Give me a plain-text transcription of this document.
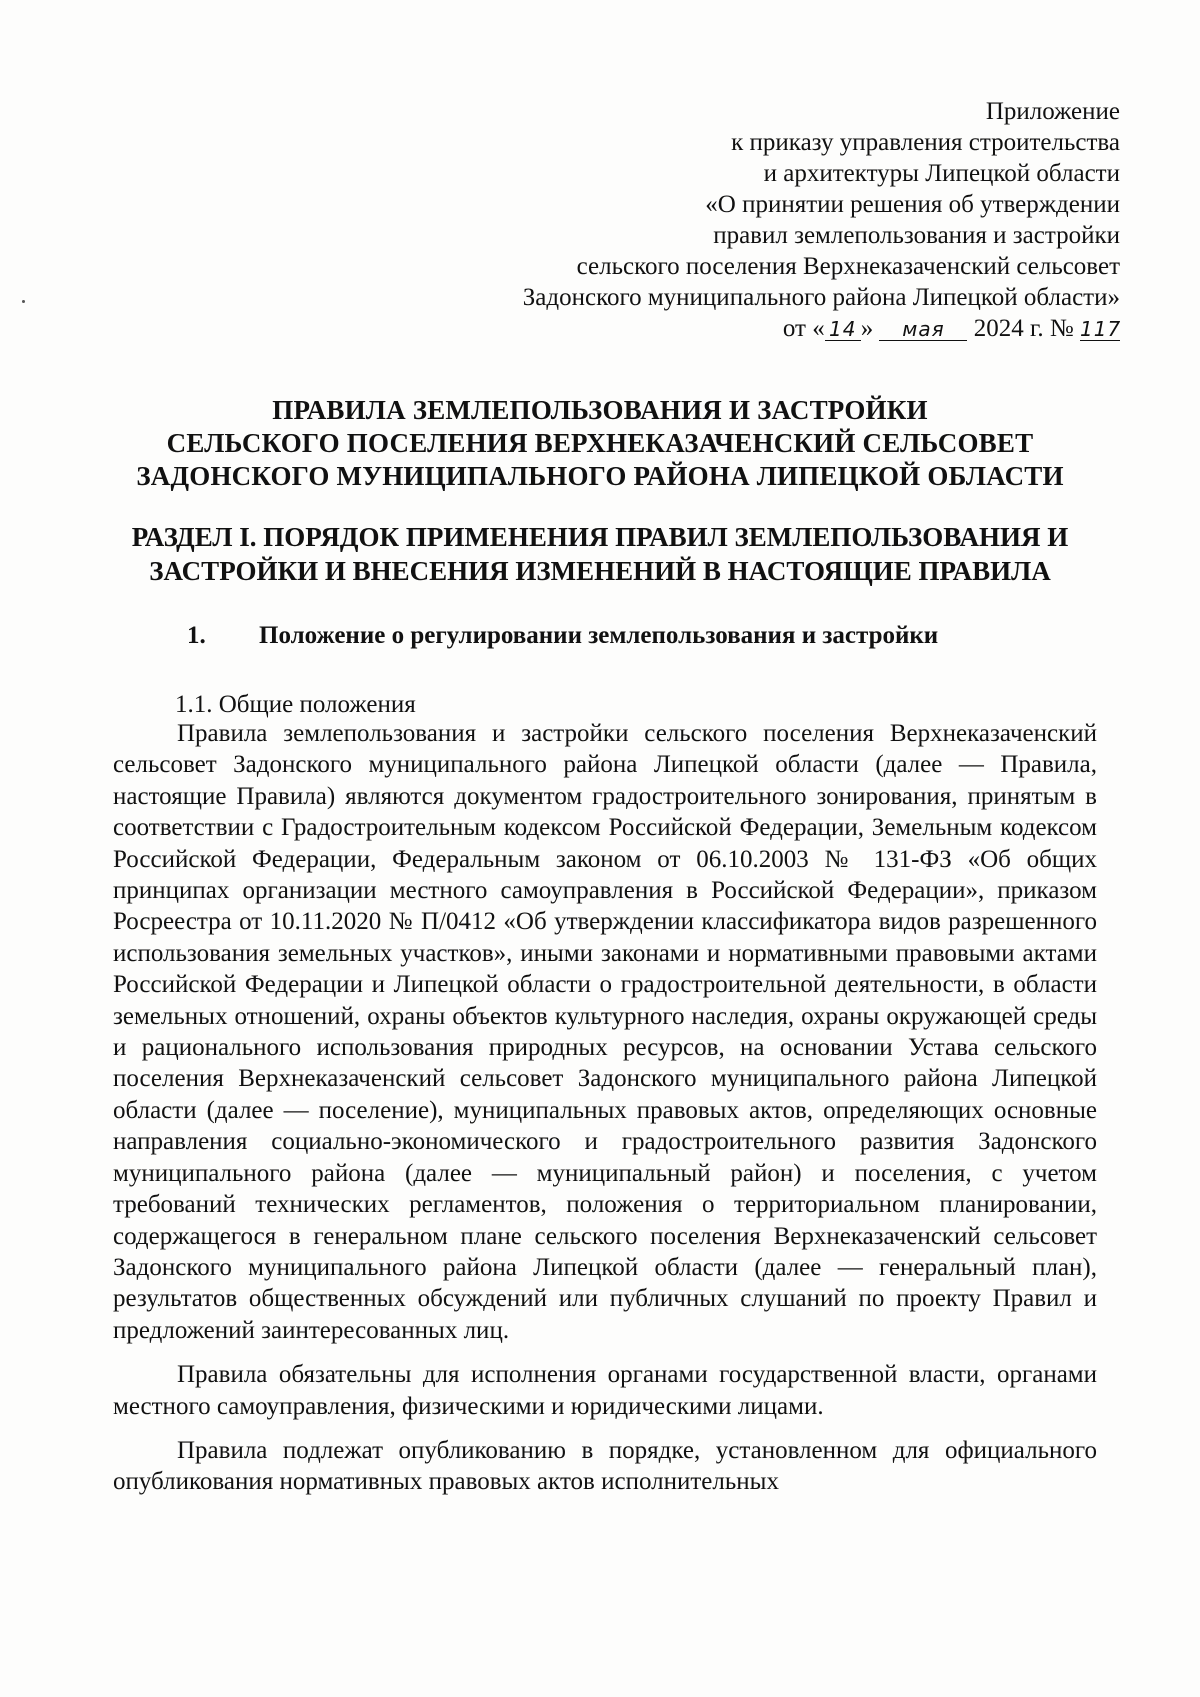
Приложение
к приказу управления строительства
и архитектуры Липецкой области
«О принятии решения об утверждении
правил землепользования и застройки
сельского поселения Верхнеказаченский сельсовет
Задонского муниципального района Липецкой области»
от « 14 » мая 2024 г. № 117
ПРАВИЛА ЗЕМЛЕПОЛЬЗОВАНИЯ И ЗАСТРОЙКИ
СЕЛЬСКОГО ПОСЕЛЕНИЯ ВЕРХНЕКАЗАЧЕНСКИЙ СЕЛЬСОВЕТ
ЗАДОНСКОГО МУНИЦИПАЛЬНОГО РАЙОНА ЛИПЕЦКОЙ ОБЛАСТИ
РАЗДЕЛ I. ПОРЯДОК ПРИМЕНЕНИЯ ПРАВИЛ ЗЕМЛЕПОЛЬЗОВАНИЯ И
ЗАСТРОЙКИ И ВНЕСЕНИЯ ИЗМЕНЕНИЙ В НАСТОЯЩИЕ ПРАВИЛА
1. Положение о регулировании землепользования и застройки
1.1. Общие положения

Правила землепользования и застройки сельского поселения Верхнеказаченский сельсовет Задонского муниципального района Липецкой области (далее — Правила, настоящие Правила) являются документом градостроительного зонирования, принятым в соответствии с Градостроительным кодексом Российской Федерации, Земельным кодексом Российской Федерации, Федеральным законом от 06.10.2003 № 131-ФЗ «Об общих принципах организации местного самоуправления в Российской Федерации», приказом Росреестра от 10.11.2020 № П/0412 «Об утверждении классификатора видов разрешенного использования земельных участков», иными законами и нормативными правовыми актами Российской Федерации и Липецкой области о градостроительной деятельности, в области земельных отношений, охраны объектов культурного наследия, охраны окружающей среды и рационального использования природных ресурсов, на основании Устава сельского поселения Верхнеказаченский сельсовет Задонского муниципального района Липецкой области (далее — поселение), муниципальных правовых актов, определяющих основные направления социально-экономического и градостроительного развития Задонского муниципального района (далее — муниципальный район) и поселения, с учетом требований технических регламентов, положения о территориальном планировании, содержащегося в генеральном плане сельского поселения Верхнеказаченский сельсовет Задонского муниципального района Липецкой области (далее — генеральный план), результатов общественных обсуждений или публичных слушаний по проекту Правил и предложений заинтересованных лиц.

Правила обязательны для исполнения органами государственной власти, органами местного самоуправления, физическими и юридическими лицами.

Правила подлежат опубликованию в порядке, установленном для официального опубликования нормативных правовых актов исполнительных
